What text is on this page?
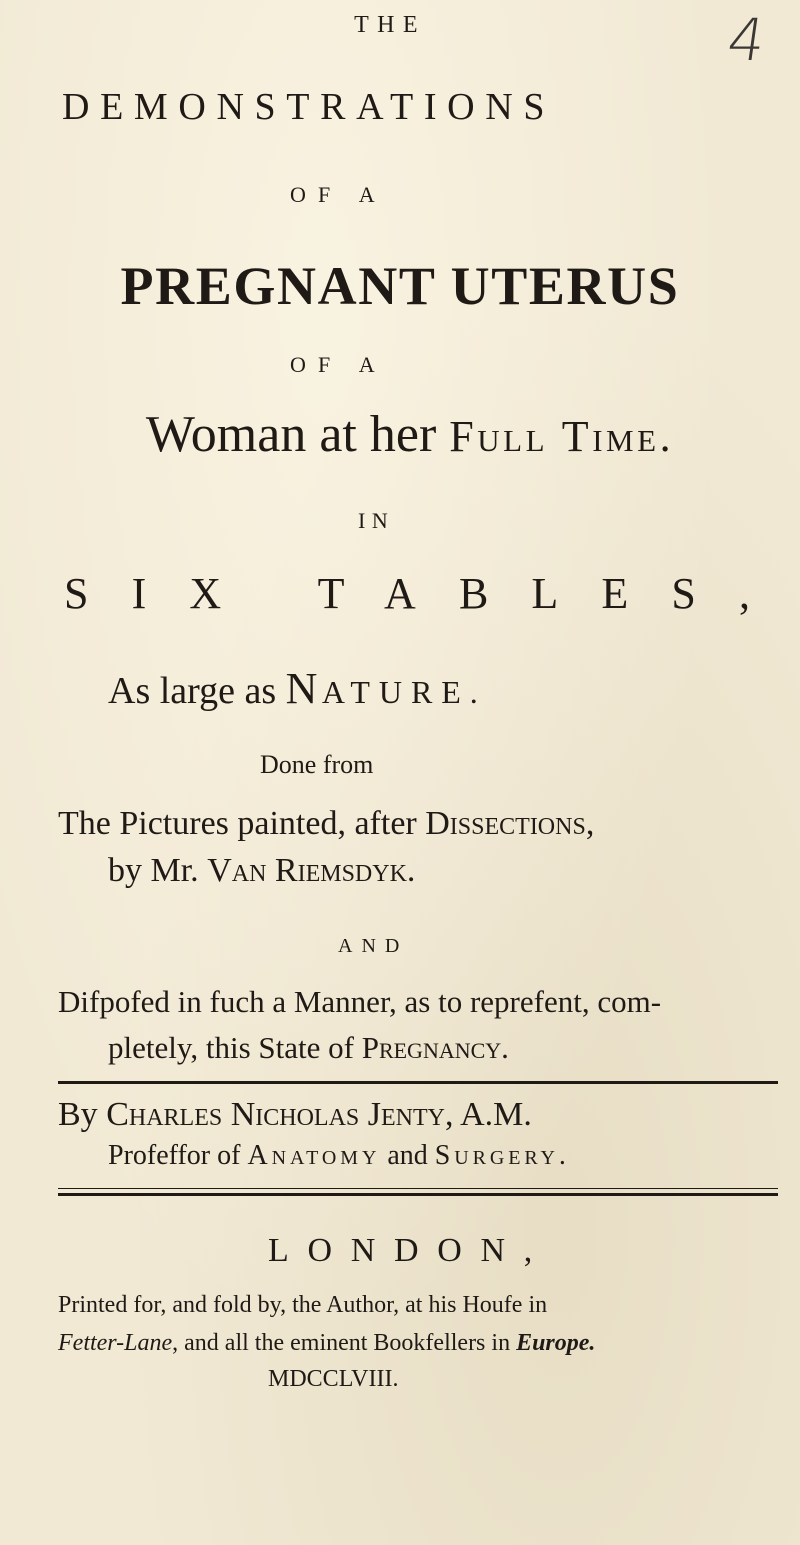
THE	4
DEMONSTRATIONS
OF A
PREGNANT UTERUS
OF A
Woman at her Full Time.
IN
SIX TABLES,
As large as NATURE.
Done from
The Pictures painted, after Dissections,
by Mr. Van Riemsdyk.
AND
Difpofed in fuch a Manner, as to reprefent, com-
pletely, this State of Pregnancy.
By Charles Nicholas Jenty, A.M.
Profeffor of Anatomy and Surgery.
LONDON,
Printed for, and fold by, the Author, at his Houfe in
Fetter-Lane, and all the eminent Bookfellers in Europe.
MDCCLVIII.
